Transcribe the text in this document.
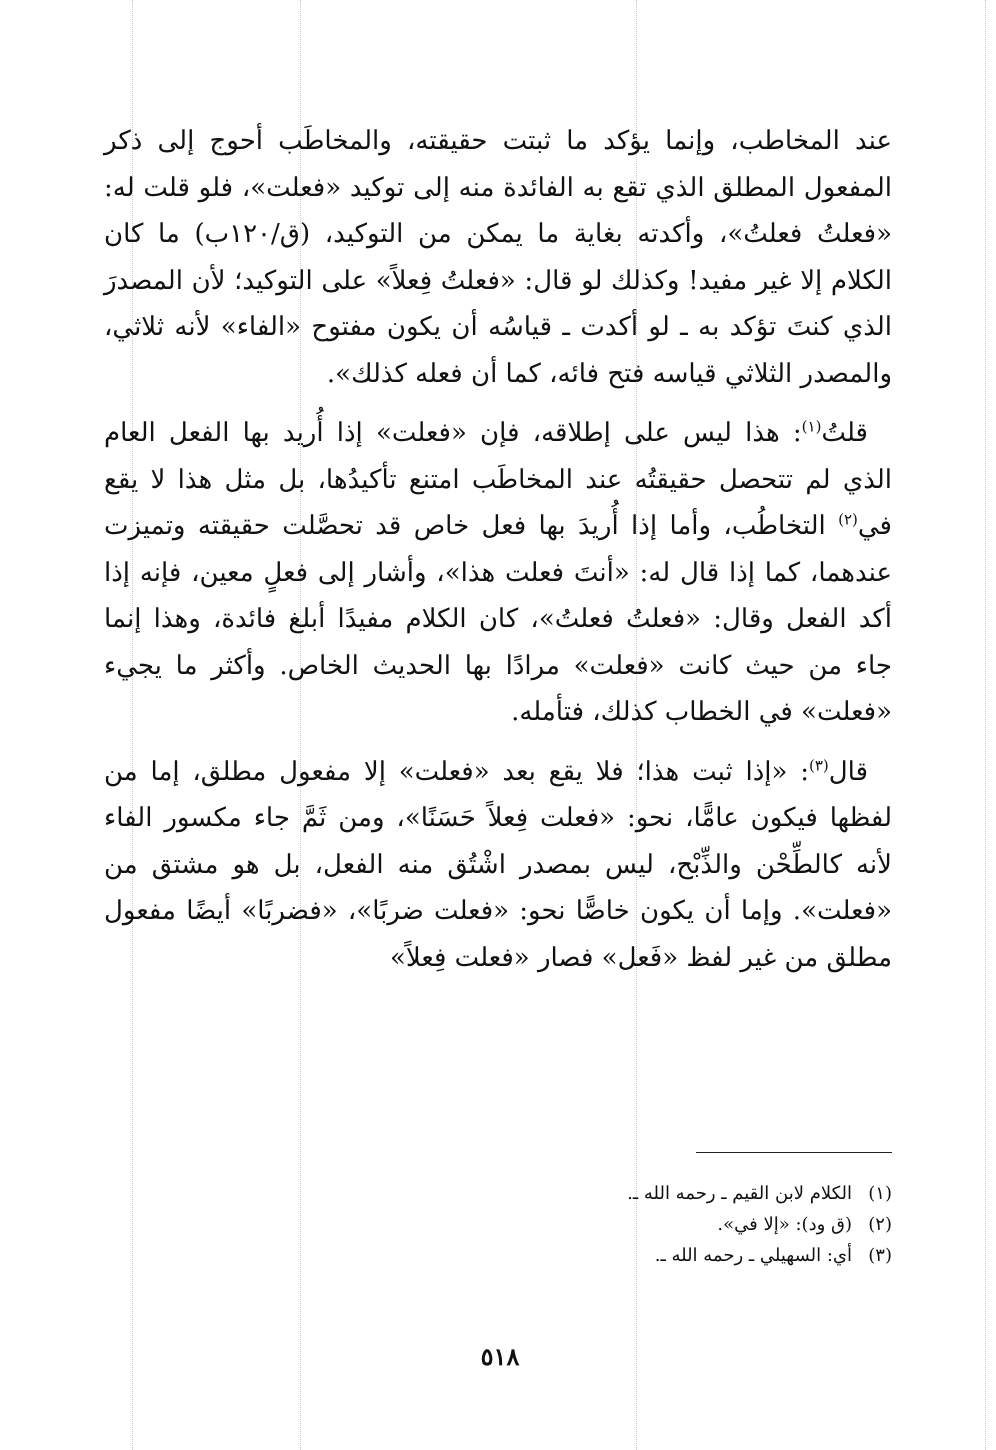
عند المخاطب، وإنما يؤكد ما ثبتت حقيقته، والمخاطَب أحوج إلى ذكر المفعول المطلق الذي تقع به الفائدة منه إلى توكيد «فعلت»، فلو قلت له: «فعلتُ فعلتُ»، وأكدته بغاية ما يمكن من التوكيد، (ق/١٢٠ب) ما كان الكلام إلا غير مفيد! وكذلك لو قال: «فعلتُ فِعلاً» على التوكيد؛ لأن المصدرَ الذي كنتَ تؤكد به ـ لو أكدت ـ قياسُه أن يكون مفتوح «الفاء» لأنه ثلاثي، والمصدر الثلاثي قياسه فتح فائه، كما أن فعله كذلك».

قلتُ$^{(١)}$: هذا ليس على إطلاقه، فإن «فعلت» إذا أُريد بها الفعل العام الذي لم تتحصل حقيقتُه عند المخاطَب امتنع تأكيدُها، بل مثل هذا لا يقع في$^{(٢)}$ التخاطُب، وأما إذا أُريدَ بها فعل خاص قد تحصَّلت حقيقته وتميزت عندهما، كما إذا قال له: «أنتَ فعلت هذا»، وأشار إلى فعلٍ معين، فإنه إذا أكد الفعل وقال: «فعلتُ فعلتُ»، كان الكلام مفيدًا أبلغ فائدة، وهذا إنما جاء من حيث كانت «فعلت» مرادًا بها الحديث الخاص. وأكثر ما يجيء «فعلت» في الخطاب كذلك، فتأمله.

قال$^{(٣)}$: «إذا ثبت هذا؛ فلا يقع بعد «فعلت» إلا مفعول مطلق، إما من لفظها فيكون عامًّا، نحو: «فعلت فِعلاً حَسَنًا»، ومن ثَمَّ جاء مكسور الفاء لأنه كالطِّحْن والذِّبْح، ليس بمصدر اشْتُق منه الفعل، بل هو مشتق من «فعلت». وإما أن يكون خاصًّا نحو: «فعلت ضربًا»، «فضربًا» أيضًا مفعول مطلق من غير لفظ «فَعل» فصار «فعلت فِعلاً»

(١)الكلام لابن القيم ـ رحمه الله ـ.
(٢)(ق ود): «إلا في».
(٣)أي: السهيلي ـ رحمه الله ـ.
٥١٨
